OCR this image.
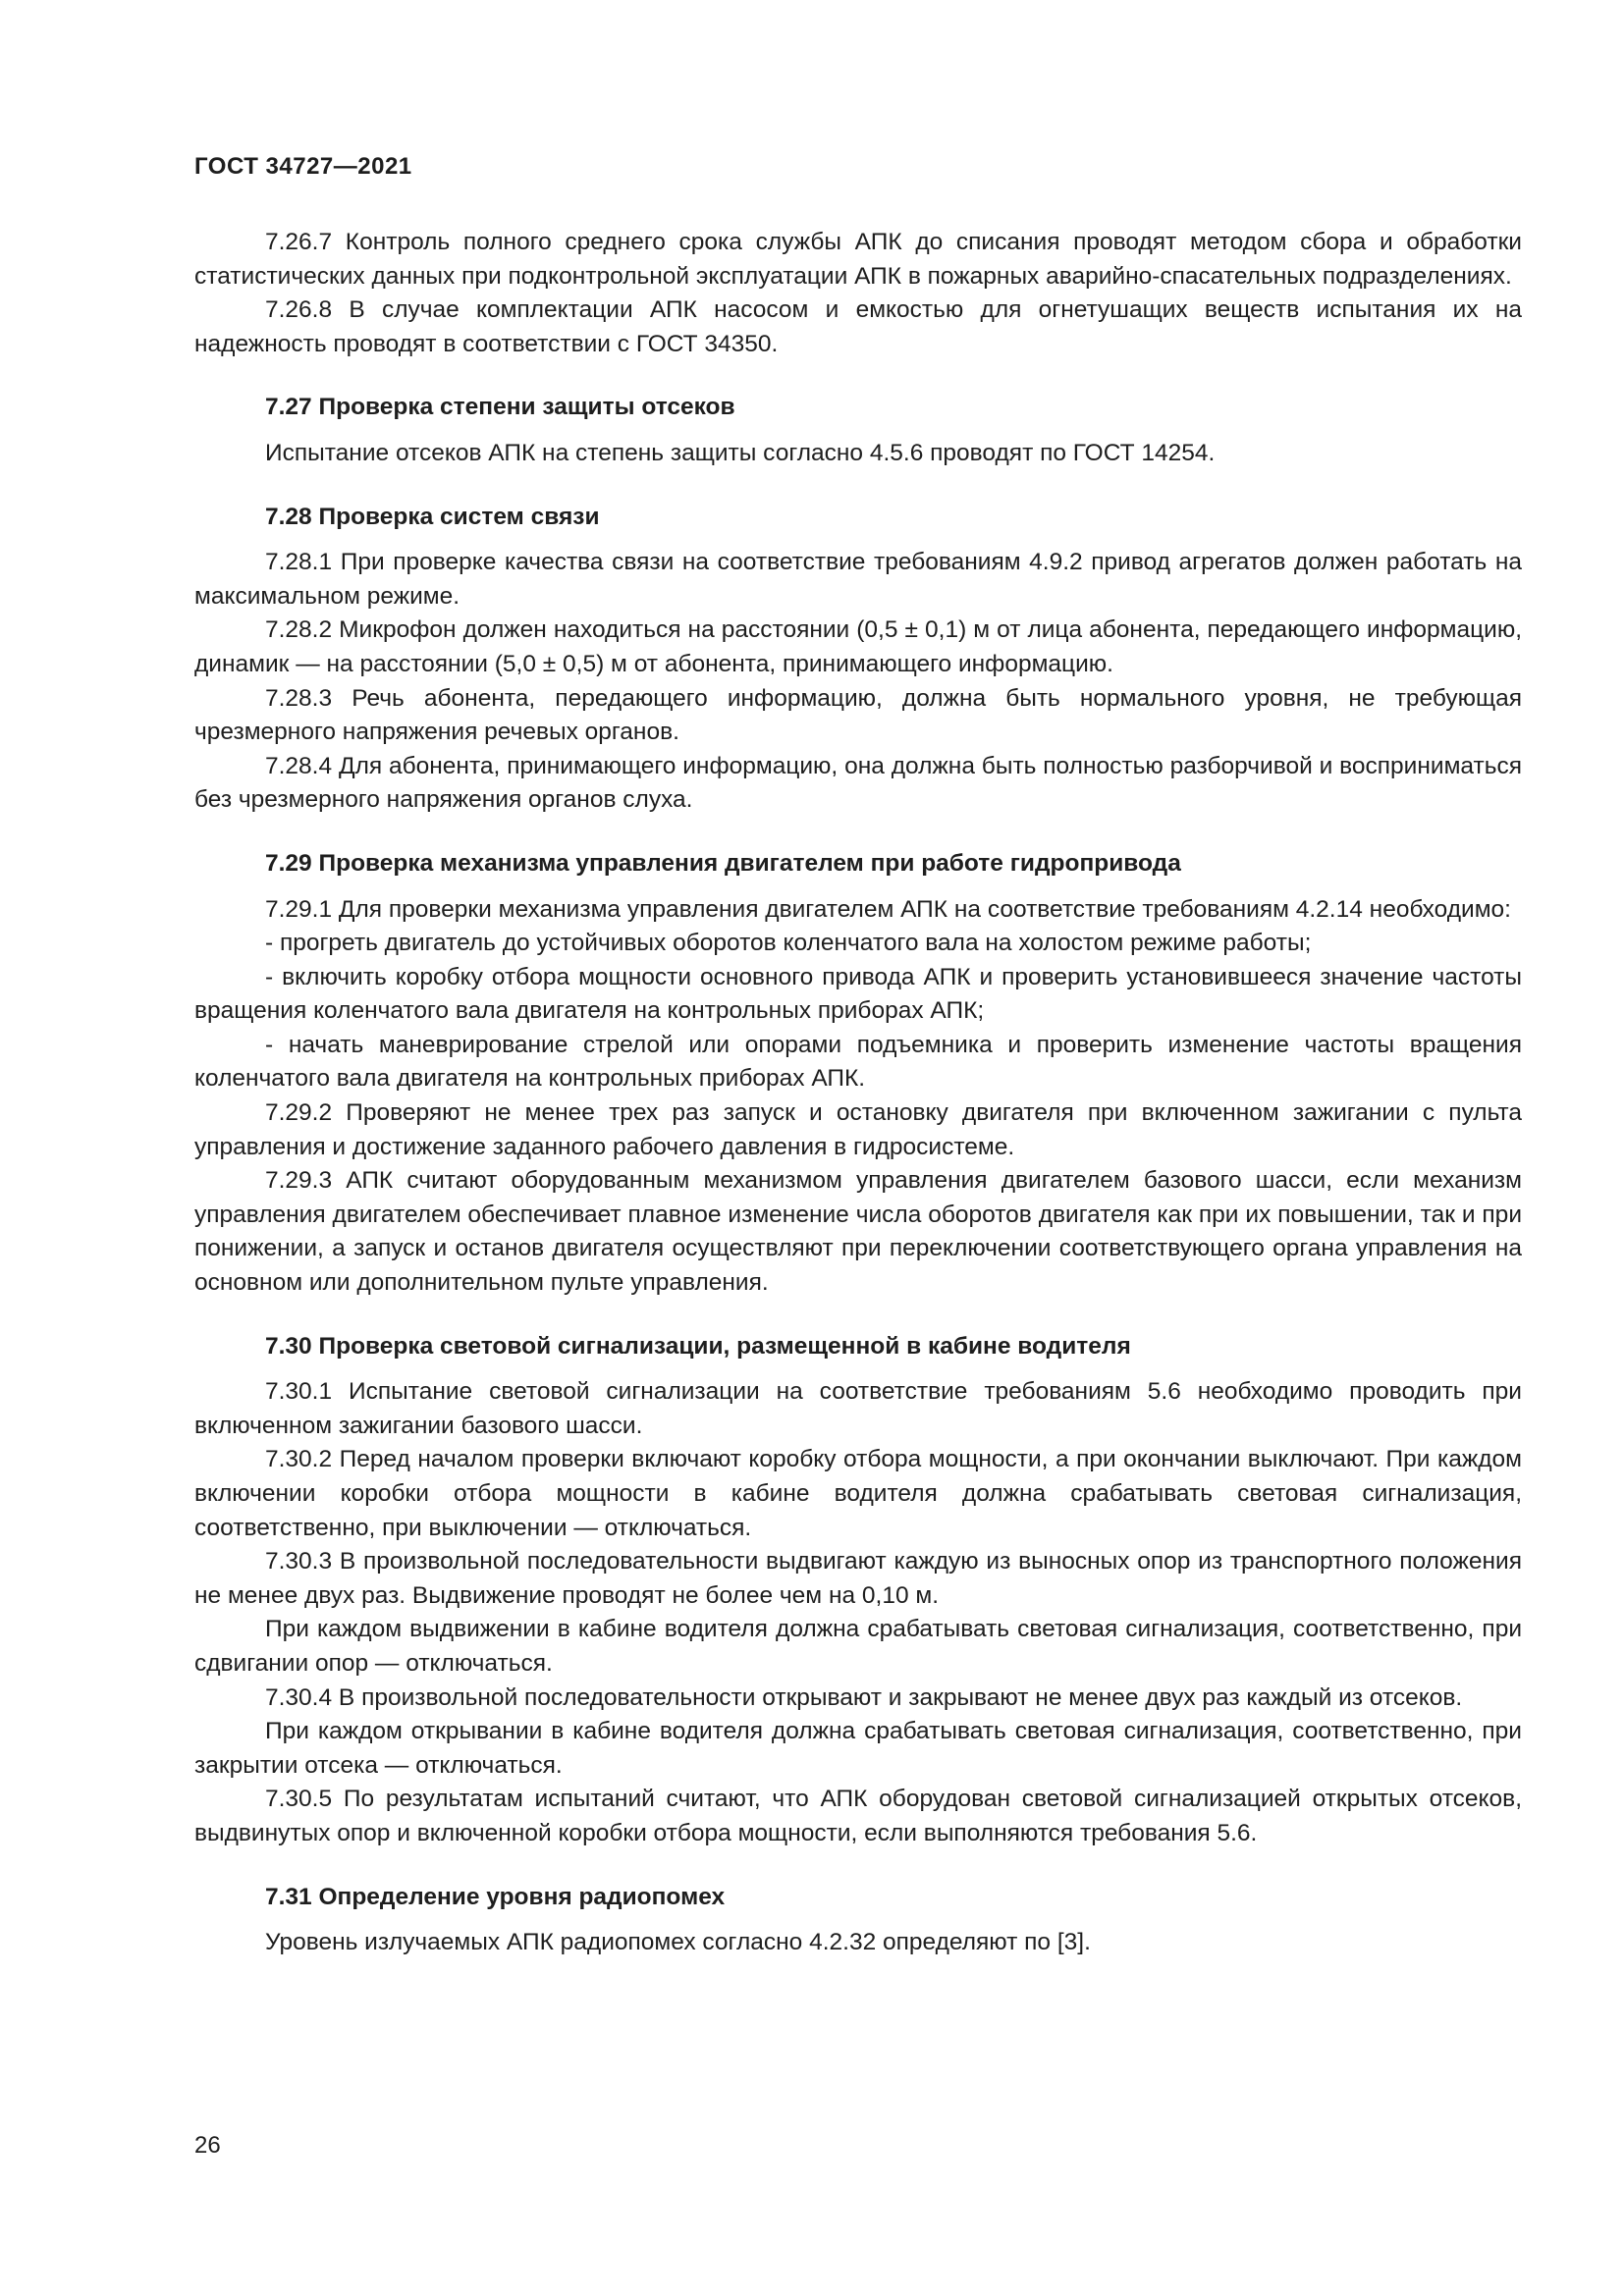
ГОСТ 34727—2021

7.26.7 Контроль полного среднего срока службы АПК до списания проводят методом сбора и обработки статистических данных при подконтрольной эксплуатации АПК в пожарных аварийно-спасательных подразделениях.

7.26.8 В случае комплектации АПК насосом и емкостью для огнетушащих веществ испытания их на надежность проводят в соответствии с ГОСТ 34350.

7.27 Проверка степени защиты отсеков

Испытание отсеков АПК на степень защиты согласно 4.5.6 проводят по ГОСТ 14254.

7.28 Проверка систем связи

7.28.1 При проверке качества связи на соответствие требованиям 4.9.2 привод агрегатов должен работать на максимальном режиме.

7.28.2 Микрофон должен находиться на расстоянии (0,5 ± 0,1) м от лица абонента, передающего информацию, динамик — на расстоянии (5,0 ± 0,5) м от абонента, принимающего информацию.

7.28.3 Речь абонента, передающего информацию, должна быть нормального уровня, не требующая чрезмерного напряжения речевых органов.

7.28.4 Для абонента, принимающего информацию, она должна быть полностью разборчивой и восприниматься без чрезмерного напряжения органов слуха.

7.29 Проверка механизма управления двигателем при работе гидропривода

7.29.1 Для проверки механизма управления двигателем АПК на соответствие требованиям 4.2.14 необходимо:

- прогреть двигатель до устойчивых оборотов коленчатого вала на холостом режиме работы;

- включить коробку отбора мощности основного привода АПК и проверить установившееся значение частоты вращения коленчатого вала двигателя на контрольных приборах АПК;

- начать маневрирование стрелой или опорами подъемника и проверить изменение частоты вращения коленчатого вала двигателя на контрольных приборах АПК.

7.29.2 Проверяют не менее трех раз запуск и остановку двигателя при включенном зажигании с пульта управления и достижение заданного рабочего давления в гидросистеме.

7.29.3 АПК считают оборудованным механизмом управления двигателем базового шасси, если механизм управления двигателем обеспечивает плавное изменение числа оборотов двигателя как при их повышении, так и при понижении, а запуск и останов двигателя осуществляют при переключении соответствующего органа управления на основном или дополнительном пульте управления.

7.30 Проверка световой сигнализации, размещенной в кабине водителя

7.30.1 Испытание световой сигнализации на соответствие требованиям 5.6 необходимо проводить при включенном зажигании базового шасси.

7.30.2 Перед началом проверки включают коробку отбора мощности, а при окончании выключают. При каждом включении коробки отбора мощности в кабине водителя должна срабатывать световая сигнализация, соответственно, при выключении — отключаться.

7.30.3 В произвольной последовательности выдвигают каждую из выносных опор из транспортного положения не менее двух раз. Выдвижение проводят не более чем на 0,10 м.

При каждом выдвижении в кабине водителя должна срабатывать световая сигнализация, соответственно, при сдвигании опор — отключаться.

7.30.4 В произвольной последовательности открывают и закрывают не менее двух раз каждый из отсеков.

При каждом открывании в кабине водителя должна срабатывать световая сигнализация, соответственно, при закрытии отсека — отключаться.

7.30.5 По результатам испытаний считают, что АПК оборудован световой сигнализацией открытых отсеков, выдвинутых опор и включенной коробки отбора мощности, если выполняются требования 5.6.

7.31 Определение уровня радиопомех

Уровень излучаемых АПК радиопомех согласно 4.2.32 определяют по [3].

26
